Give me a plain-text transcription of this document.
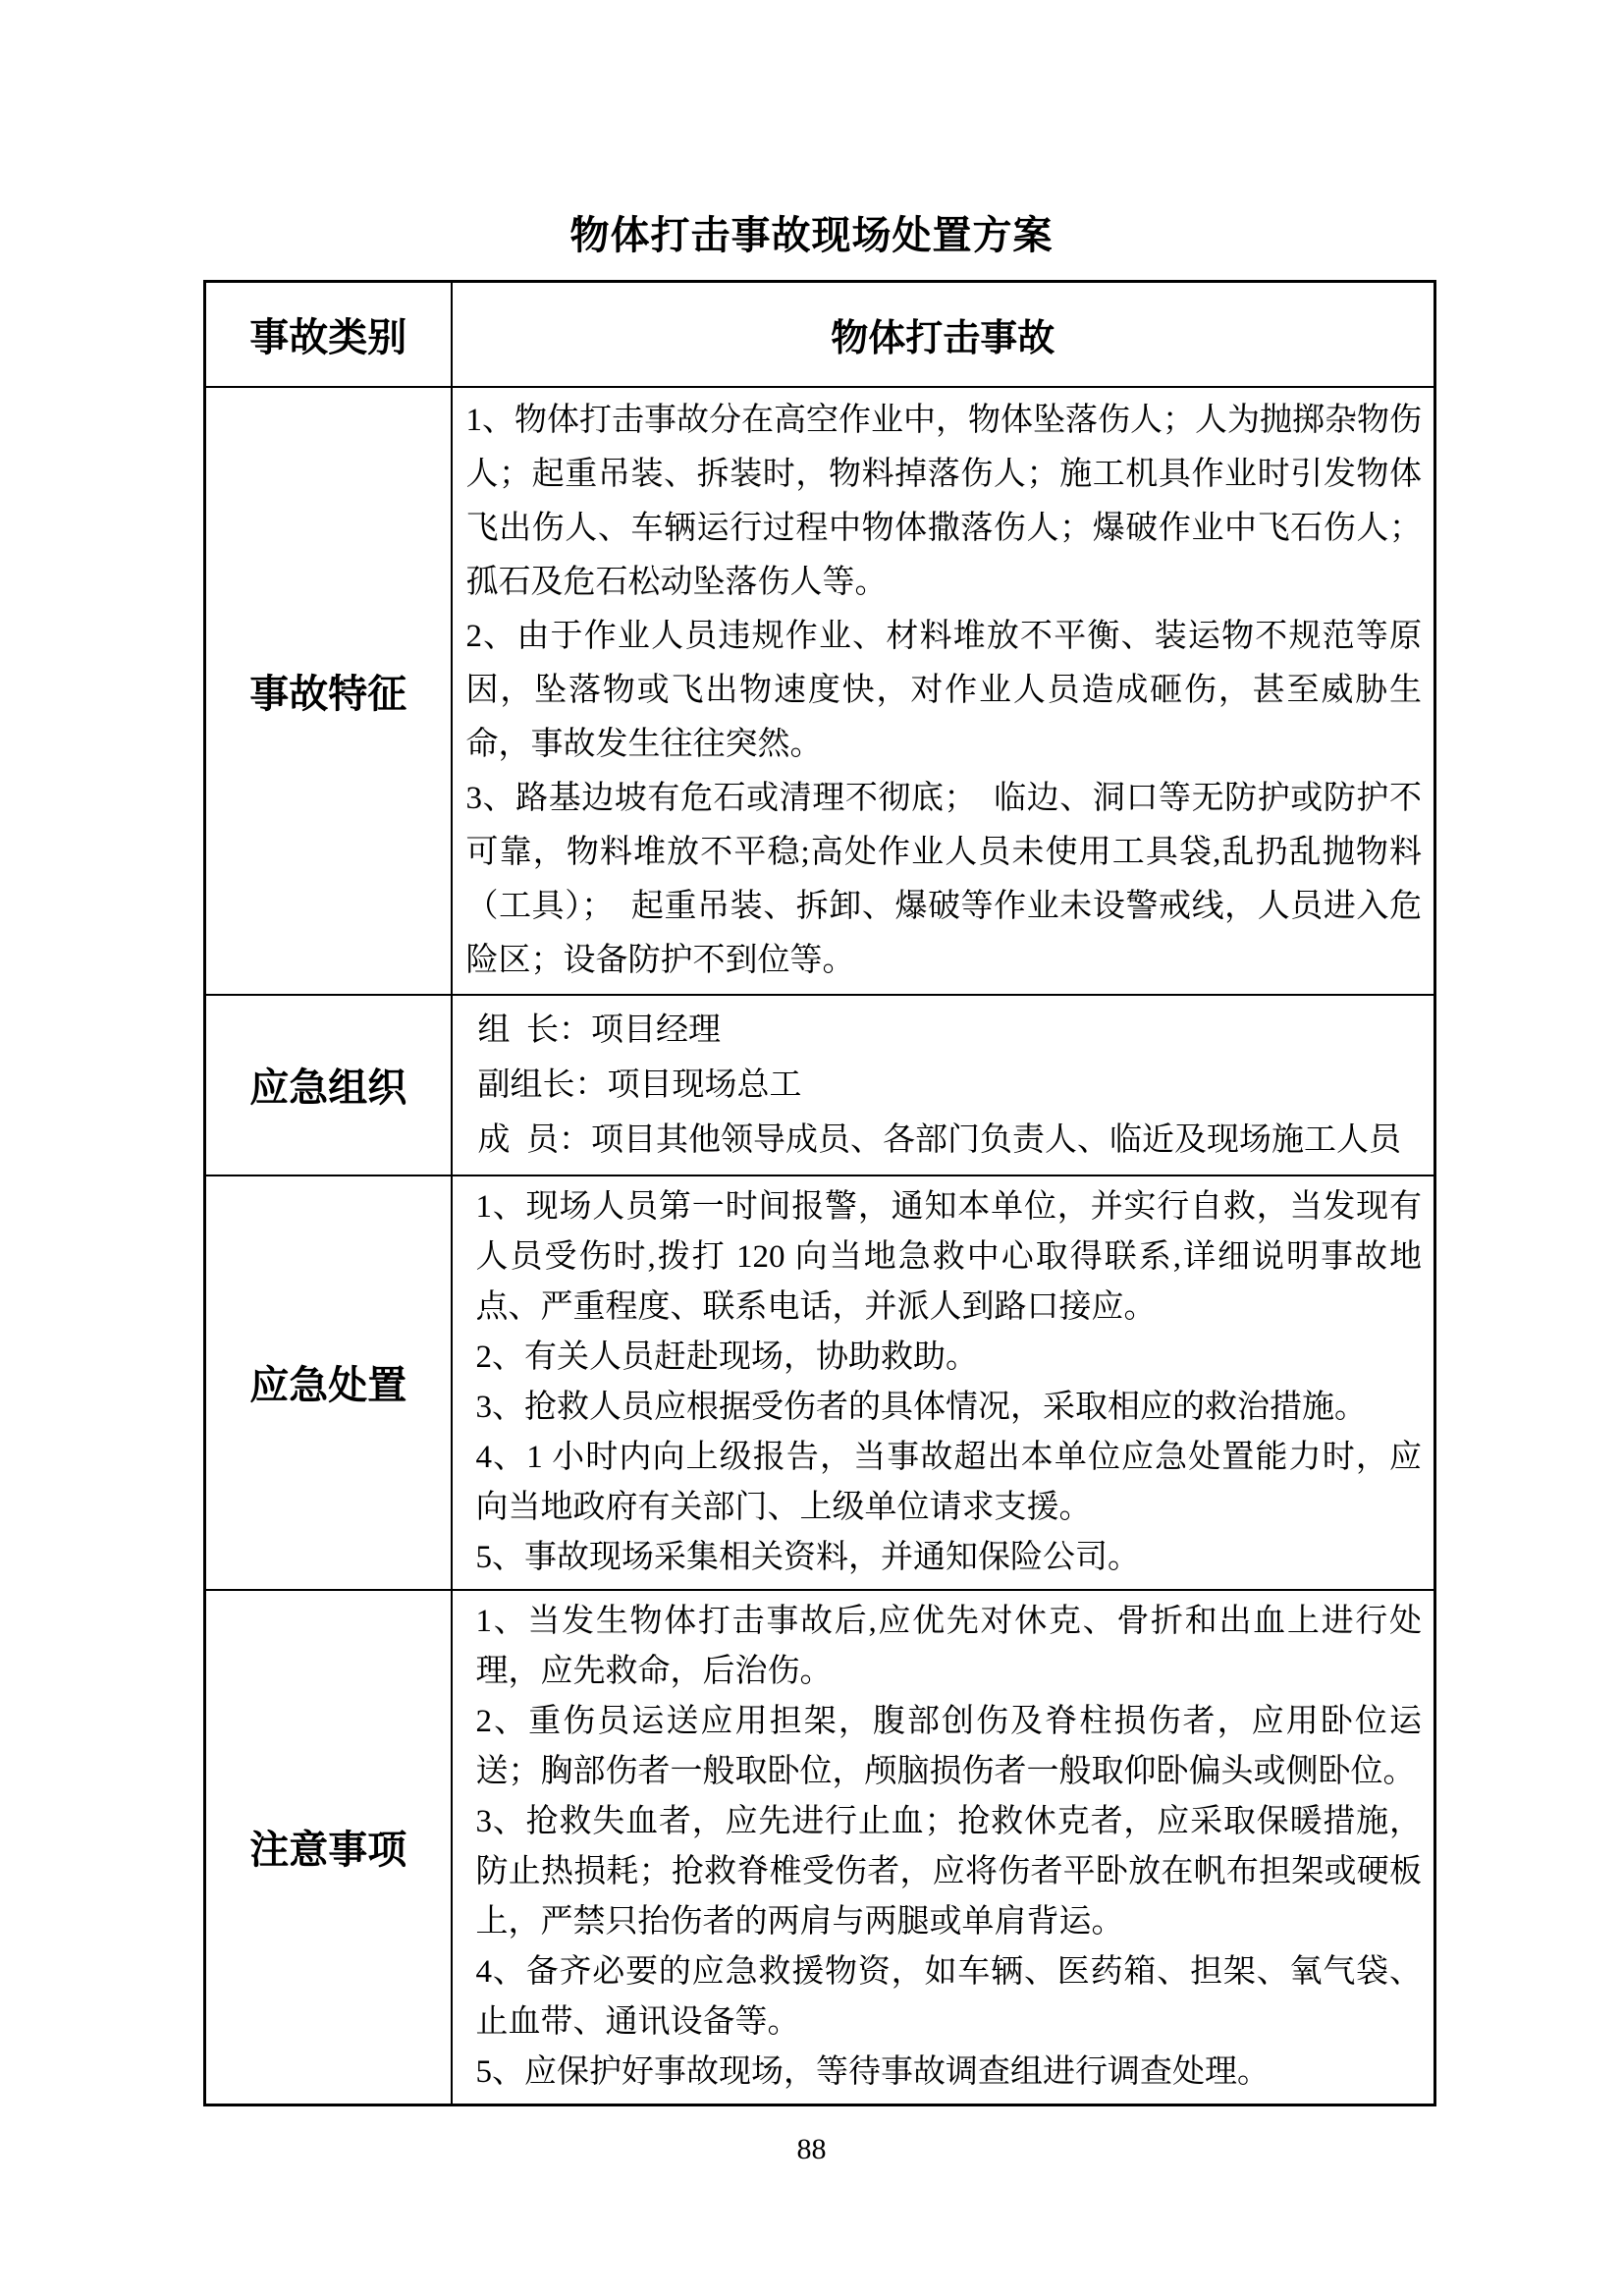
物体打击事故现场处置方案
事故类别	物体打击事故
事故特征	1、物体打击事故分在高空作业中，物体坠落伤人；人为抛掷杂物伤人；起重吊装、拆装时，物料掉落伤人；施工机具作业时引发物体飞出伤人、车辆运行过程中物体撒落伤人；爆破作业中飞石伤人；孤石及危石松动坠落伤人等。
2、由于作业人员违规作业、材料堆放不平衡、装运物不规范等原因，坠落物或飞出物速度快，对作业人员造成砸伤，甚至威胁生命，事故发生往往突然。
3、路基边坡有危石或清理不彻底；  临边、洞口等无防护或防护不可靠，物料堆放不平稳;高处作业人员未使用工具袋,乱扔乱抛物料（工具）；  起重吊装、拆卸、爆破等作业未设警戒线，人员进入危险区；设备防护不到位等。

应急组织	组  长：项目经理
副组长：项目现场总工
成  员：项目其他领导成员、各部门负责人、临近及现场施工人员

应急处置	1、现场人员第一时间报警，通知本单位，并实行自救，当发现有人员受伤时,拨打 120 向当地急救中心取得联系,详细说明事故地点、严重程度、联系电话，并派人到路口接应。
2、有关人员赶赴现场，协助救助。
3、抢救人员应根据受伤者的具体情况，采取相应的救治措施。
4、1 小时内向上级报告，当事故超出本单位应急处置能力时，应向当地政府有关部门、上级单位请求支援。
5、事故现场采集相关资料，并通知保险公司。

注意事项	1、当发生物体打击事故后,应优先对休克、骨折和出血上进行处理，应先救命，后治伤。
2、重伤员运送应用担架，腹部创伤及脊柱损伤者，应用卧位运送；胸部伤者一般取卧位，颅脑损伤者一般取仰卧偏头或侧卧位。
3、抢救失血者，应先进行止血；抢救休克者，应采取保暖措施，防止热损耗；抢救脊椎受伤者，应将伤者平卧放在帆布担架或硬板上，严禁只抬伤者的两肩与两腿或单肩背运。
4、备齐必要的应急救援物资，如车辆、医药箱、担架、氧气袋、止血带、通讯设备等。
5、应保护好事故现场，等待事故调查组进行调查处理。
88
